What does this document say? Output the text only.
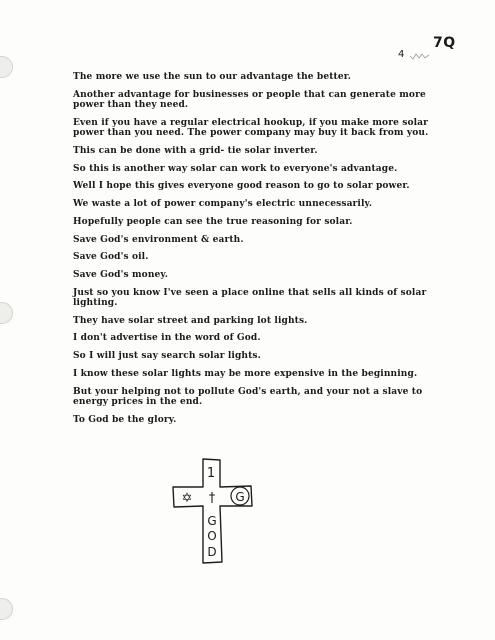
7Q
4

The more we use the sun to our advantage the better.

Another advantage for businesses or people that can generate more power than they need.

Even if you have a regular electrical hookup, if you make more solar power than you need. The power company may buy it back from you.

This can be done with a grid- tie solar inverter.

So this is another way solar can work to everyone's advantage.

Well I hope this gives everyone good reason to go to solar power.

We waste a lot of power company's electric unnecessarily.

Hopefully people can see the true reasoning for solar.

Save God's environment & earth.

Save God's oil.

Save God's money.

Just so you know I've seen a place online that sells all kinds of solar lighting.

They have solar street and parking lot lights.

I don't advertise in the word of God.

So I will just say search solar lights.

I know these solar lights may be more expensive in the beginning.

But your helping not to pollute God's earth, and your not a slave to energy prices in the end.

To God be the glory.

1
†
✡	G
G
O
D
